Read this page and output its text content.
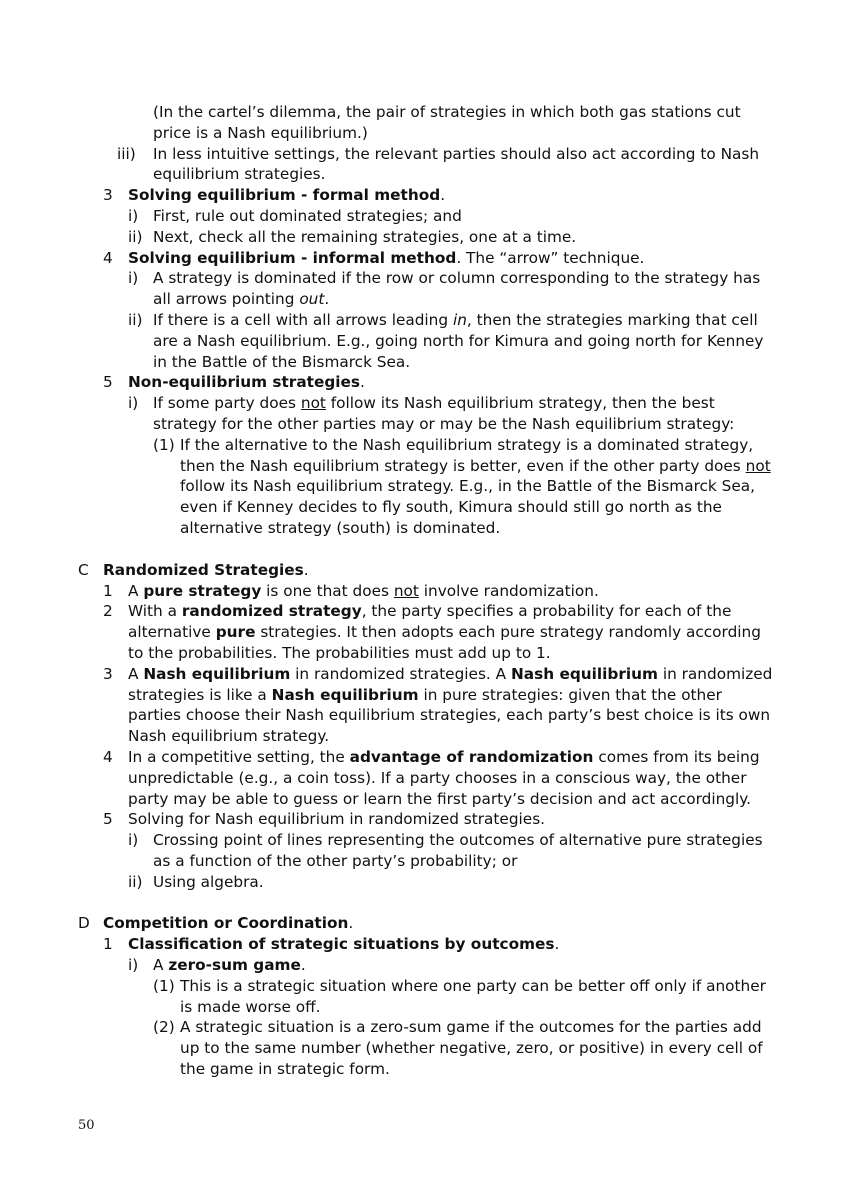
(In the cartel’s dilemma, the pair of strategies in which both gas stations cut price is a Nash equilibrium.)
iii) In less intuitive settings, the relevant parties should also act according to Nash equilibrium strategies.
3 Solving equilibrium - formal method.
i) First, rule out dominated strategies; and
ii) Next, check all the remaining strategies, one at a time.
4 Solving equilibrium - informal method. The “arrow” technique.
i) A strategy is dominated if the row or column corresponding to the strategy has all arrows pointing out.
ii) If there is a cell with all arrows leading in, then the strategies marking that cell are a Nash equilibrium. E.g., going north for Kimura and going north for Kenney in the Battle of the Bismarck Sea.
5 Non-equilibrium strategies.
i) If some party does not follow its Nash equilibrium strategy, then the best strategy for the other parties may or may be the Nash equilibrium strategy:
(1) If the alternative to the Nash equilibrium strategy is a dominated strategy, then the Nash equilibrium strategy is better, even if the other party does not follow its Nash equilibrium strategy. E.g., in the Battle of the Bismarck Sea, even if Kenney decides to fly south, Kimura should still go north as the alternative strategy (south) is dominated.
C Randomized Strategies.
1 A pure strategy is one that does not involve randomization.
2 With a randomized strategy, the party specifies a probability for each of the alternative pure strategies. It then adopts each pure strategy randomly according to the probabilities. The probabilities must add up to 1.
3 A Nash equilibrium in randomized strategies. A Nash equilibrium in randomized strategies is like a Nash equilibrium in pure strategies: given that the other parties choose their Nash equilibrium strategies, each party’s best choice is its own Nash equilibrium strategy.
4 In a competitive setting, the advantage of randomization comes from its being unpredictable (e.g., a coin toss). If a party chooses in a conscious way, the other party may be able to guess or learn the first party’s decision and act accordingly.
5 Solving for Nash equilibrium in randomized strategies.
i) Crossing point of lines representing the outcomes of alternative pure strategies as a function of the other party’s probability; or
ii) Using algebra.
D Competition or Coordination.
1 Classification of strategic situations by outcomes.
i) A zero-sum game.
(1) This is a strategic situation where one party can be better off only if another is made worse off.
(2) A strategic situation is a zero-sum game if the outcomes for the parties add up to the same number (whether negative, zero, or positive) in every cell of the game in strategic form.
50
